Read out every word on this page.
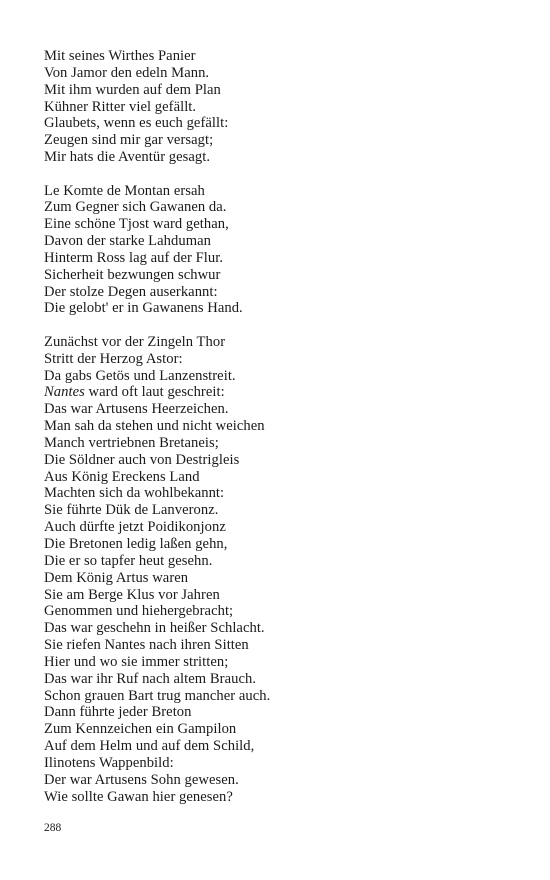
Mit seines Wirthes Panier
Von Jamor den edeln Mann.
Mit ihm wurden auf dem Plan
Kühner Ritter viel gefällt.
Glaubets, wenn es euch gefällt:
Zeugen sind mir gar versagt;
Mir hats die Aventür gesagt.
Le Komte de Montan ersah
Zum Gegner sich Gawanen da.
Eine schöne Tjost ward gethan,
Davon der starke Lahduman
Hinterm Ross lag auf der Flur.
Sicherheit bezwungen schwur
Der stolze Degen auserkannt:
Die gelobt' er in Gawanens Hand.
Zunächst vor der Zingeln Thor
Stritt der Herzog Astor:
Da gabs Getös und Lanzenstreit.
Nantes ward oft laut geschreit:
Das war Artusens Heerzeichen.
Man sah da stehen und nicht weichen
Manch vertriebnen Bretaneis;
Die Söldner auch von Destrigleis
Aus König Ereckens Land
Machten sich da wohlbekannt:
Sie führte Dük de Lanveronz.
Auch dürfte jetzt Poidikonjonz
Die Bretonen ledig laßen gehn,
Die er so tapfer heut gesehn.
Dem König Artus waren
Sie am Berge Klus vor Jahren
Genommen und hiehergebracht;
Das war geschehn in heißer Schlacht.
Sie riefen Nantes nach ihren Sitten
Hier und wo sie immer stritten;
Das war ihr Ruf nach altem Brauch.
Schon grauen Bart trug mancher auch.
Dann führte jeder Breton
Zum Kennzeichen ein Gampilon
Auf dem Helm und auf dem Schild,
Ilinotens Wappenbild:
Der war Artusens Sohn gewesen.
Wie sollte Gawan hier genesen?
288
